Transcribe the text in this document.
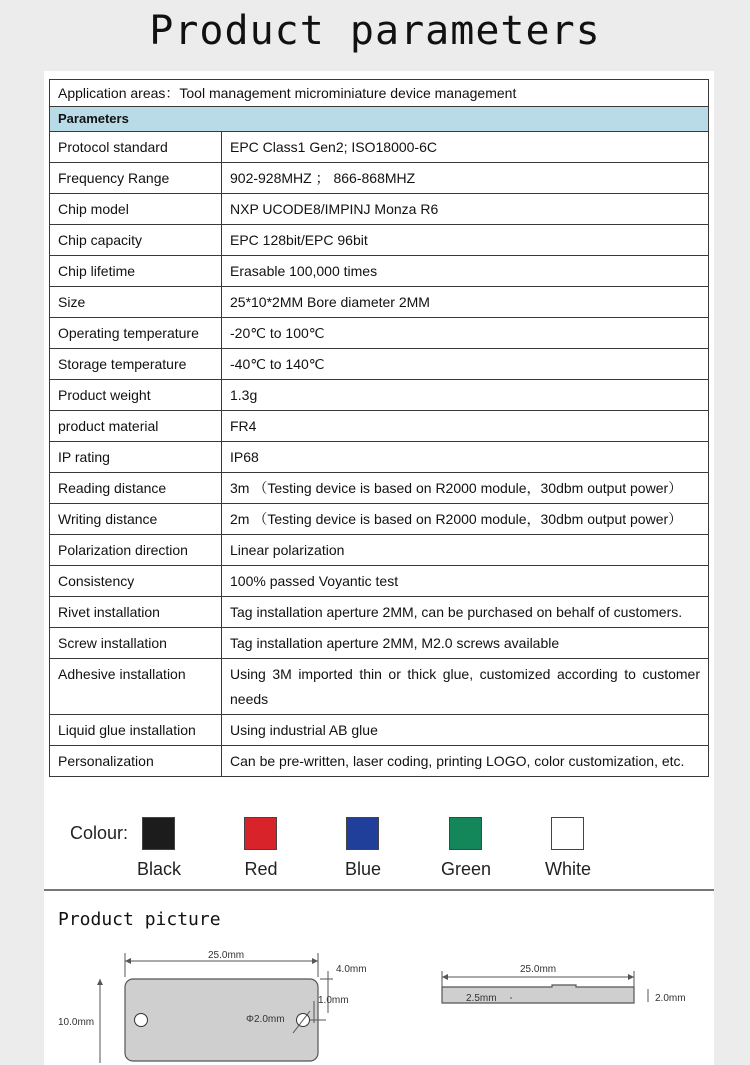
Product parameters
Application areas：Tool management microminiature device management	
Parameters	
Protocol standard	EPC Class1 Gen2; ISO18000-6C
Frequency Range	902-928MHZ ； 866-868MHZ
Chip model	NXP UCODE8/IMPINJ Monza R6
Chip capacity	EPC 128bit/EPC 96bit
Chip lifetime	Erasable 100,000 times
Size	25*10*2MM Bore diameter 2MM
Operating temperature	-20℃ to 100℃
Storage temperature	-40℃ to 140℃
Product weight	1.3g
product material	FR4
IP rating	IP68
Reading distance	3m （Testing device is based on R2000 module，30dbm output power）
Writing distance	2m （Testing device is based on R2000 module，30dbm output power）
Polarization direction	Linear polarization
Consistency	100% passed Voyantic test
Rivet installation	Tag installation aperture 2MM, can be purchased on behalf of customers.
Screw installation	Tag installation aperture 2MM, M2.0 screws available
Adhesive installation	Using 3M imported thin or thick glue, customized according to customer needs
Liquid glue installation	Using industrial AB glue
Personalization	Can be pre-written, laser coding, printing LOGO, color customization, etc.
Colour:
Black	Red	Blue	Green	White
Product picture
25.0mm
10.0mm
4.0mm
1.0mm
Φ2.0mm
25.0mm
2.5mm	2.0mm
